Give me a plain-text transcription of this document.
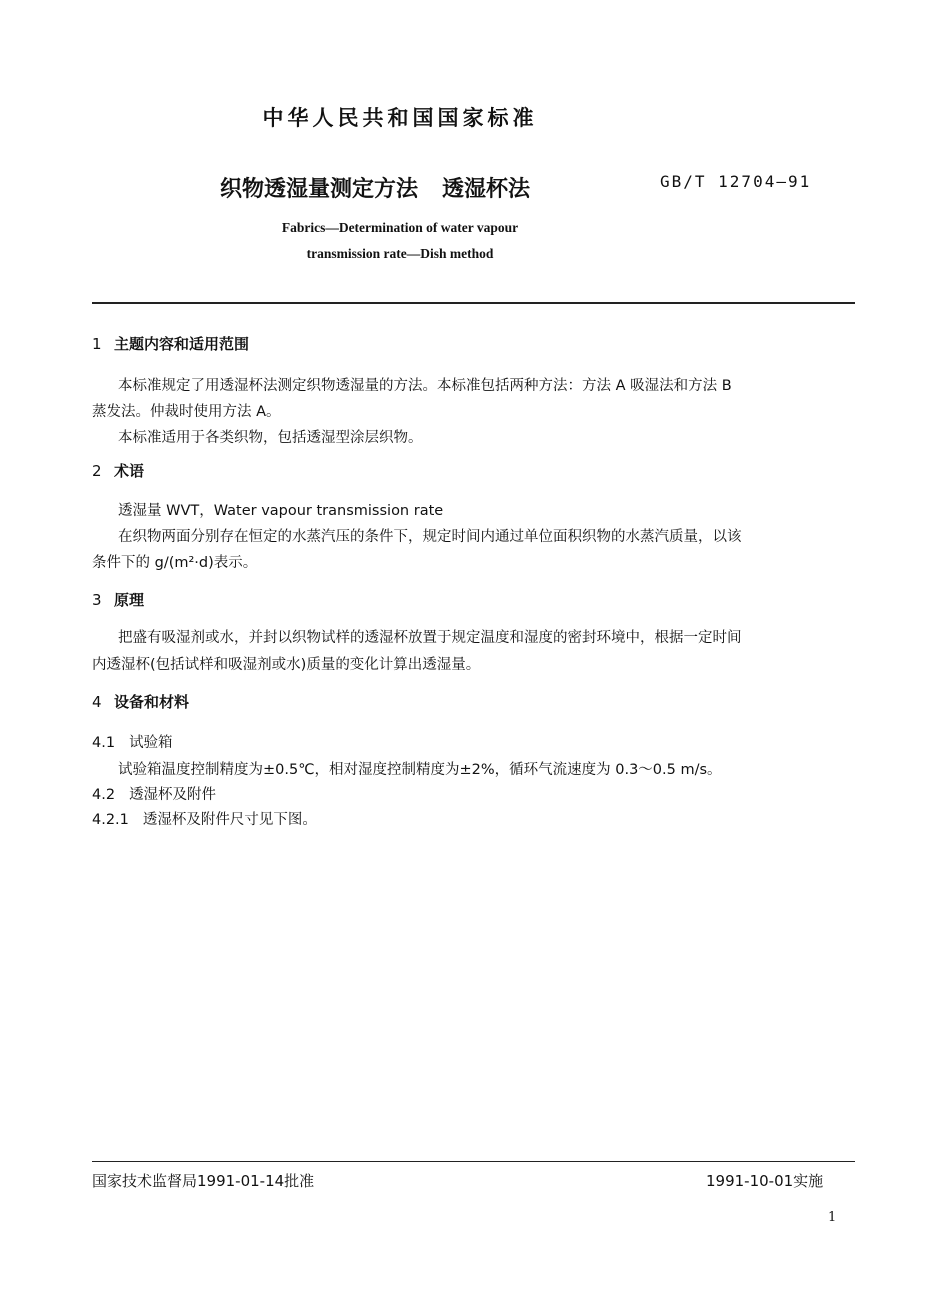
中华人民共和国国家标准
织物透湿量测定方法 透湿杯法	GB/T 12704—91
Fabrics—Determination of water vapour
transmission rate—Dish method
1 主题内容和适用范围
本标准规定了用透湿杯法测定织物透湿量的方法。本标准包括两种方法：方法 A 吸湿法和方法 B
蒸发法。仲裁时使用方法 A。
本标准适用于各类织物，包括透湿型涂层织物。
2 术语
透湿量 WVT，Water vapour transmission rate
在织物两面分别存在恒定的水蒸汽压的条件下，规定时间内通过单位面积织物的水蒸汽质量，以该
条件下的 g/(m²·d)表示。
3 原理
把盛有吸湿剂或水，并封以织物试样的透湿杯放置于规定温度和湿度的密封环境中，根据一定时间
内透湿杯(包括试样和吸湿剂或水)质量的变化计算出透湿量。
4 设备和材料
4.1 试验箱
试验箱温度控制精度为±0.5℃，相对湿度控制精度为±2%，循环气流速度为 0.3～0.5 m/s。
4.2 透湿杯及附件
4.2.1 透湿杯及附件尺寸见下图。
国家技术监督局1991-01-14批准	1991-10-01实施
1
